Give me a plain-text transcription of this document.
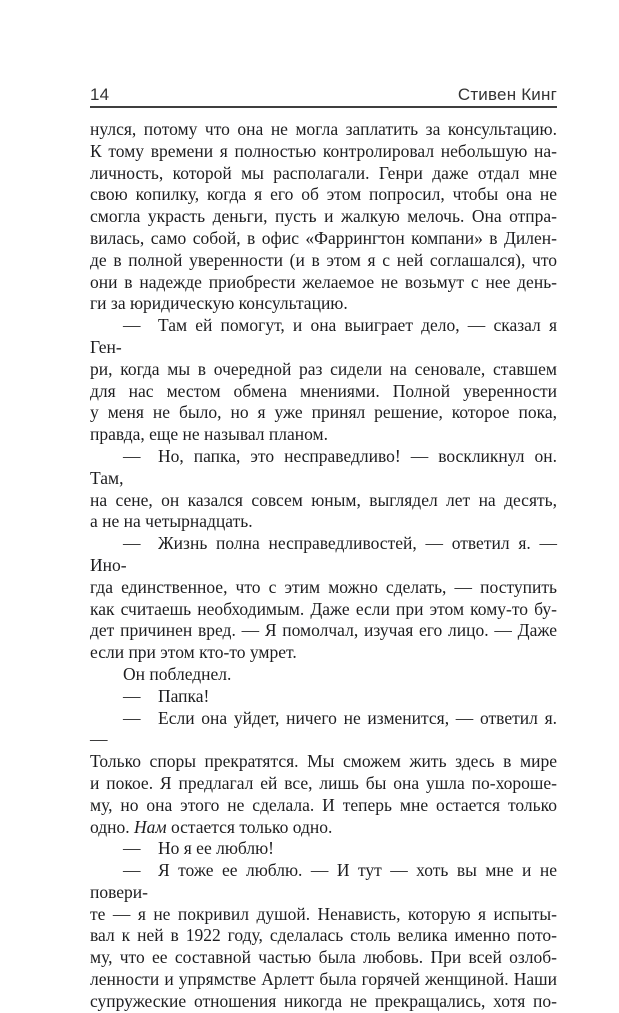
14	Стивен Кинг
нулся, потому что она не могла заплатить за консультацию.
К тому времени я полностью контролировал небольшую на-
личность, которой мы располагали. Генри даже отдал мне
свою копилку, когда я его об этом попросил, чтобы она не
смогла украсть деньги, пусть и жалкую мелочь. Она отпра-
вилась, само собой, в офис «Фаррингтон компани» в Дилен-
де в полной уверенности (и в этом я с ней соглашался), что
они в надежде приобрести желаемое не возьмут с нее день-
ги за юридическую консультацию.
— Там ей помогут, и она выиграет дело, — сказал я Ген-
ри, когда мы в очередной раз сидели на сеновале, ставшем
для нас местом обмена мнениями. Полной уверенности
у меня не было, но я уже принял решение, которое пока,
правда, еще не называл планом.
— Но, папка, это несправедливо! — воскликнул он. Там,
на сене, он казался совсем юным, выглядел лет на десять,
а не на четырнадцать.
— Жизнь полна несправедливостей, — ответил я. — Ино-
гда единственное, что с этим можно сделать, — поступить
как считаешь необходимым. Даже если при этом кому-то бу-
дет причинен вред. — Я помолчал, изучая его лицо. — Даже
если при этом кто-то умрет.
Он побледнел.
— Папка!
— Если она уйдет, ничего не изменится, — ответил я. —
Только споры прекратятся. Мы сможем жить здесь в мире
и покое. Я предлагал ей все, лишь бы она ушла по-хороше-
му, но она этого не сделала. И теперь мне остается только
одно. Нам остается только одно.
— Но я ее люблю!
— Я тоже ее люблю. — И тут — хоть вы мне и не повери-
те — я не покривил душой. Ненависть, которую я испыты-
вал к ней в 1922 году, сделалась столь велика именно пото-
му, что ее составной частью была любовь. При всей озлоб-
ленности и упрямстве Арлетт была горячей женщиной. Наши
супружеские отношения никогда не прекращались, хотя по-
